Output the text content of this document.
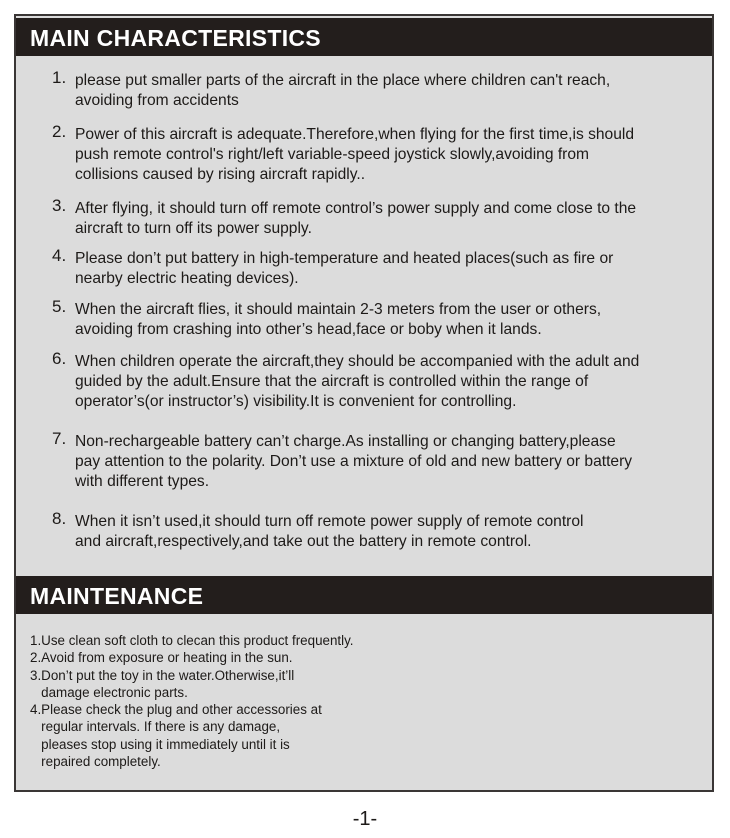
MAIN CHARACTERISTICS
1. please put smaller parts of the aircraft in the place where children can't reach,
avoiding from accidents
2. Power of this aircraft is adequate.Therefore,when flying for the first time,is should
push remote control's right/left variable-speed joystick slowly,avoiding from
collisions caused by rising aircraft rapidly..
3. After flying, it should turn off remote control’s power supply and come close to the
aircraft to turn off its power supply.
4. Please don’t put battery in high-temperature and heated places(such as fire or
nearby electric heating devices).
5. When the aircraft flies, it should maintain 2-3 meters from the user or others,
avoiding from crashing into other’s head,face or boby when it lands.
6. When children operate the aircraft,they should be accompanied with the adult and
guided by the adult.Ensure that the aircraft is controlled within the range of
operator’s(or instructor’s) visibility.It is convenient for controlling.
7. Non-rechargeable battery can’t charge.As installing or changing battery,please
pay attention to the polarity. Don’t use a mixture of old and new battery or battery
with different types.
8. When it isn’t used,it should turn off remote power supply of remote control
and aircraft,respectively,and take out the battery in remote control.
MAINTENANCE
1.Use clean soft cloth to clecan this product frequently.
2.Avoid from exposure or heating in the sun.
3.Don’t put the toy in the water.Otherwise,it’ll
damage electronic parts.
4.Please check the plug and other accessories at
regular intervals. If there is any damage,
pleases stop using it immediately until it is
repaired completely.
-1-
